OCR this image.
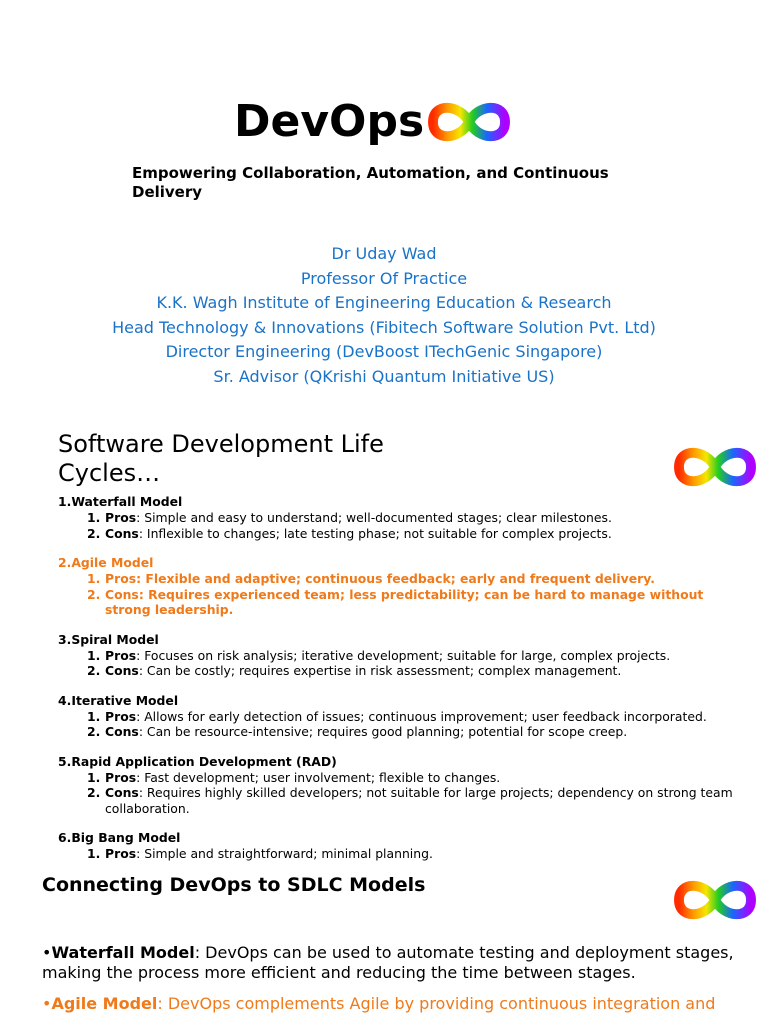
DevOps
Empowering Collaboration, Automation, and Continuous Delivery
Dr Uday Wad
Professor Of Practice
K.K. Wagh Institute of Engineering Education & Research
Head Technology & Innovations (Fibitech Software Solution Pvt. Ltd)
Director Engineering (DevBoost ITechGenic Singapore)
Sr. Advisor (QKrishi Quantum Initiative US)
Software Development Life Cycles…
1.Waterfall Model
1. Pros: Simple and easy to understand; well-documented stages; clear milestones.
2. Cons: Inflexible to changes; late testing phase; not suitable for complex projects.
2.Agile Model
1. Pros: Flexible and adaptive; continuous feedback; early and frequent delivery.
2. Cons: Requires experienced team; less predictability; can be hard to manage without strong leadership.
3.Spiral Model
1. Pros: Focuses on risk analysis; iterative development; suitable for large, complex projects.
2. Cons: Can be costly; requires expertise in risk assessment; complex management.
4.Iterative Model
1. Pros: Allows for early detection of issues; continuous improvement; user feedback incorporated.
2. Cons: Can be resource-intensive; requires good planning; potential for scope creep.
5.Rapid Application Development (RAD)
1. Pros: Fast development; user involvement; flexible to changes.
2. Cons: Requires highly skilled developers; not suitable for large projects; dependency on strong team collaboration.
6.Big Bang Model
1. Pros: Simple and straightforward; minimal planning.
Connecting DevOps to SDLC Models
•Waterfall Model: DevOps can be used to automate testing and deployment stages, making the process more efficient and reducing the time between stages.
•Agile Model: DevOps complements Agile by providing continuous integration and
